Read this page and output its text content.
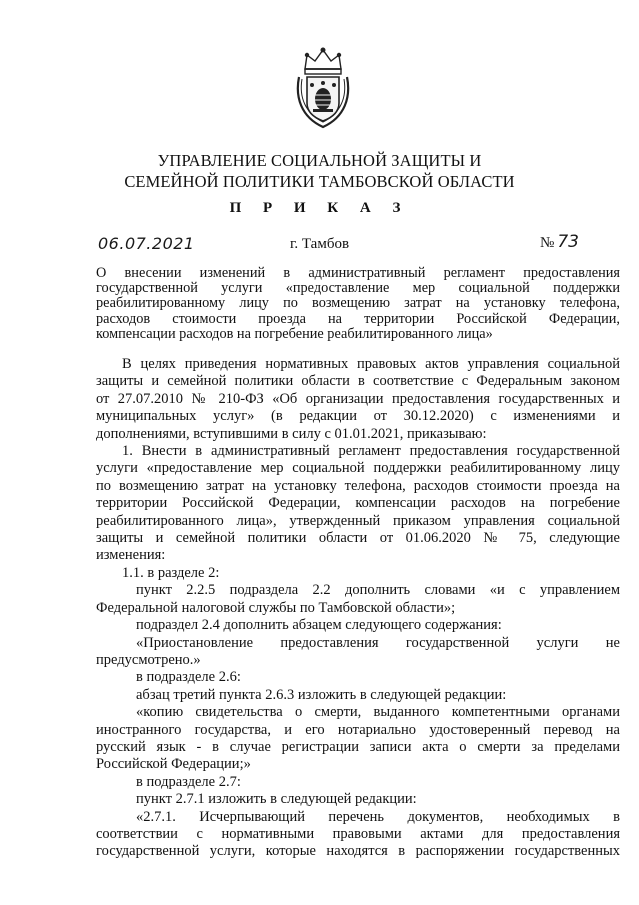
УПРАВЛЕНИЕ СОЦИАЛЬНОЙ ЗАЩИТЫ И
СЕМЕЙНОЙ ПОЛИТИКИ ТАМБОВСКОЙ ОБЛАСТИ
П Р И К А З
06.07.2021	г. Тамбов	№ 73

О внесении изменений в административный регламент предоставления

государственной услуги «предоставление мер социальной поддержки

реабилитированному лицу по возмещению затрат на установку телефона,

расходов стоимости проезда на территории Российской Федерации,

компенсации расходов на погребение реабилитированного лица»

В целях приведения нормативных правовых актов управления социальной

защиты и семейной политики области в соответствие с Федеральным законом

от 27.07.2010 № 210-ФЗ «Об организации предоставления государственных и

муниципальных услуг» (в редакции от 30.12.2020) с изменениями и

дополнениями, вступившими в силу с 01.01.2021, приказываю:

1. Внести в административный регламент предоставления государственной

услуги «предоставление мер социальной поддержки реабилитированному лицу

по возмещению затрат на установку телефона, расходов стоимости проезда на

территории Российской Федерации, компенсации расходов на погребение

реабилитированного лица», утвержденный приказом управления социальной

защиты и семейной политики области от 01.06.2020 № 75, следующие

изменения:

1.1. в разделе 2:

пункт 2.2.5 подраздела 2.2 дополнить словами «и с управлением

Федеральной налоговой службы по Тамбовской области»;

подраздел 2.4 дополнить абзацем следующего содержания:

«Приостановление предоставления государственной услуги не

предусмотрено.»

в подразделе 2.6:

абзац третий пункта 2.6.3 изложить в следующей редакции:

«копию свидетельства о смерти, выданного компетентными органами

иностранного государства, и его нотариально удостоверенный перевод на

русский язык - в случае регистрации записи акта о смерти за пределами

Российской Федерации;»

в подразделе 2.7:

пункт 2.7.1 изложить в следующей редакции:

«2.7.1. Исчерпывающий перечень документов, необходимых в

соответствии с нормативными правовыми актами для предоставления

государственной услуги, которые находятся в распоряжении государственных
